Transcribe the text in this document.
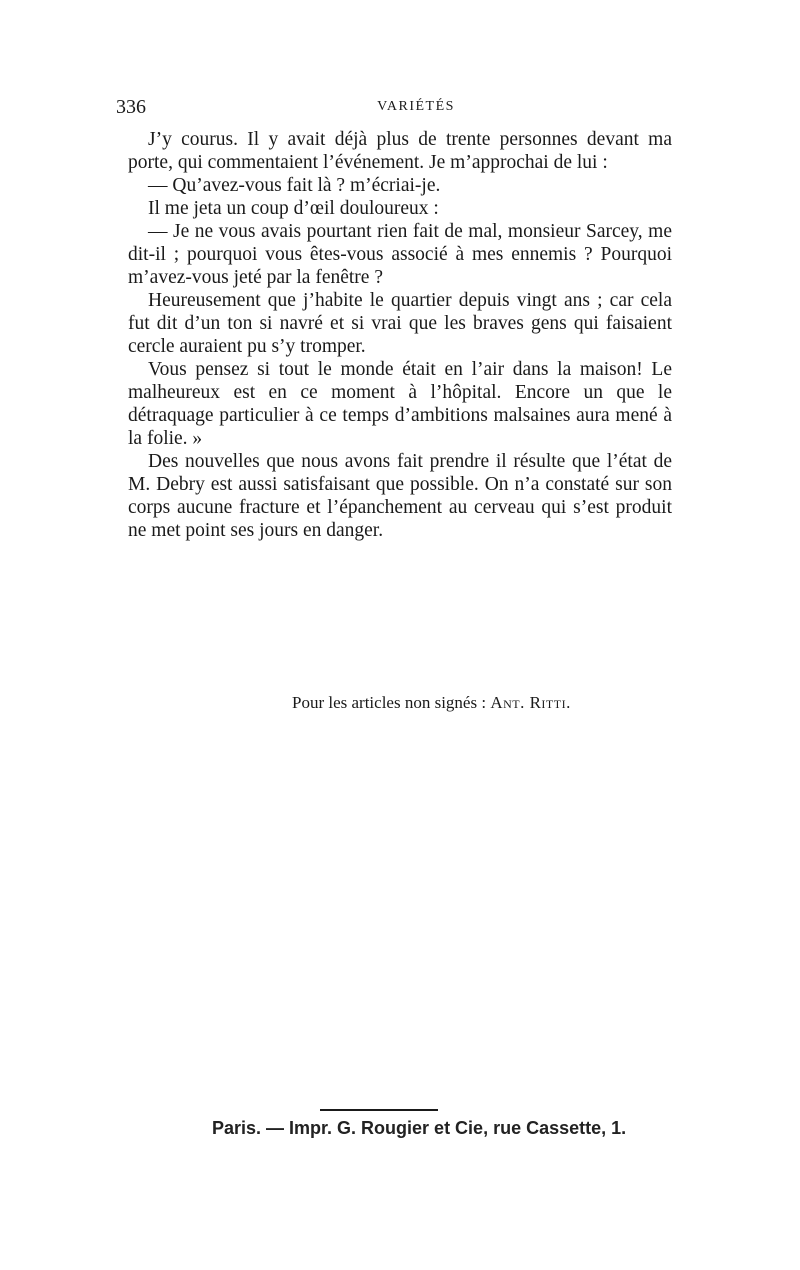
336	VARIÉTÉS

J’y courus. Il y avait déjà plus de trente personnes devant ma porte, qui commentaient l’événement. Je m’approchai de lui :

— Qu’avez-vous fait là ? m’écriai-je.

Il me jeta un coup d’œil douloureux :

— Je ne vous avais pourtant rien fait de mal, monsieur Sarcey, me dit-il ; pourquoi vous êtes-vous associé à mes ennemis ? Pourquoi m’avez-vous jeté par la fenêtre ?

Heureusement que j’habite le quartier depuis vingt ans ; car cela fut dit d’un ton si navré et si vrai que les braves gens qui faisaient cercle auraient pu s’y tromper.

Vous pensez si tout le monde était en l’air dans la maison! Le malheureux est en ce moment à l’hôpital. Encore un que le détraquage particulier à ce temps d’ambitions malsaines aura mené à la folie. »

Des nouvelles que nous avons fait prendre il résulte que l’état de M. Debry est aussi satisfaisant que possible. On n’a constaté sur son corps aucune fracture et l’épanchement au cerveau qui s’est produit ne met point ses jours en danger.

Pour les articles non signés : Ant. Ritti.
Paris. — Impr. G. Rougier et Cie, rue Cassette, 1.
